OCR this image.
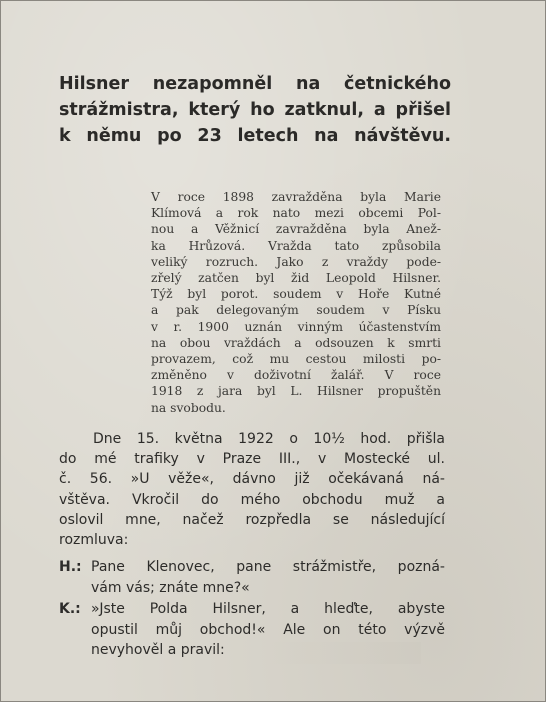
Hilsner nezapomněl na četnického
strážmistra, který ho zatknul, a přišel
k němu po 23 letech na návštěvu.
V roce 1898 zavražděna byla Marie
Klímová a rok nato mezi obcemi Pol-
nou a Věžnicí zavražděna byla Anež-
ka Hrůzová. Vražda tato způsobila
veliký rozruch. Jako z vraždy pode-
zřelý zatčen byl žid Leopold Hilsner.
Týž byl porot. soudem v Hoře Kutné
a pak delegovaným soudem v Písku
v r. 1900 uznán vinným účastenstvím
na obou vraždách a odsouzen k smrti
provazem, což mu cestou milosti po-
změněno v doživotní žalář. V roce
1918 z jara byl L. Hilsner propuštěn
na svobodu.
Dne 15. května 1922 o 10½ hod. přišla
do mé trafiky v Praze III., v Mostecké ul.
č. 56. »U věže«, dávno již očekávaná ná-
vštěva. Vkročil do mého obchodu muž a
oslovil mne, načež rozpředla se následující
rozmluva:
H.: Pane Klenovec, pane strážmistře, pozná-
vám vás; znáte mne?«
K.: »Jste Polda Hilsner, a hleďte, abyste
opustil můj obchod!« Ale on této výzvě
nevyhověl a pravil:
